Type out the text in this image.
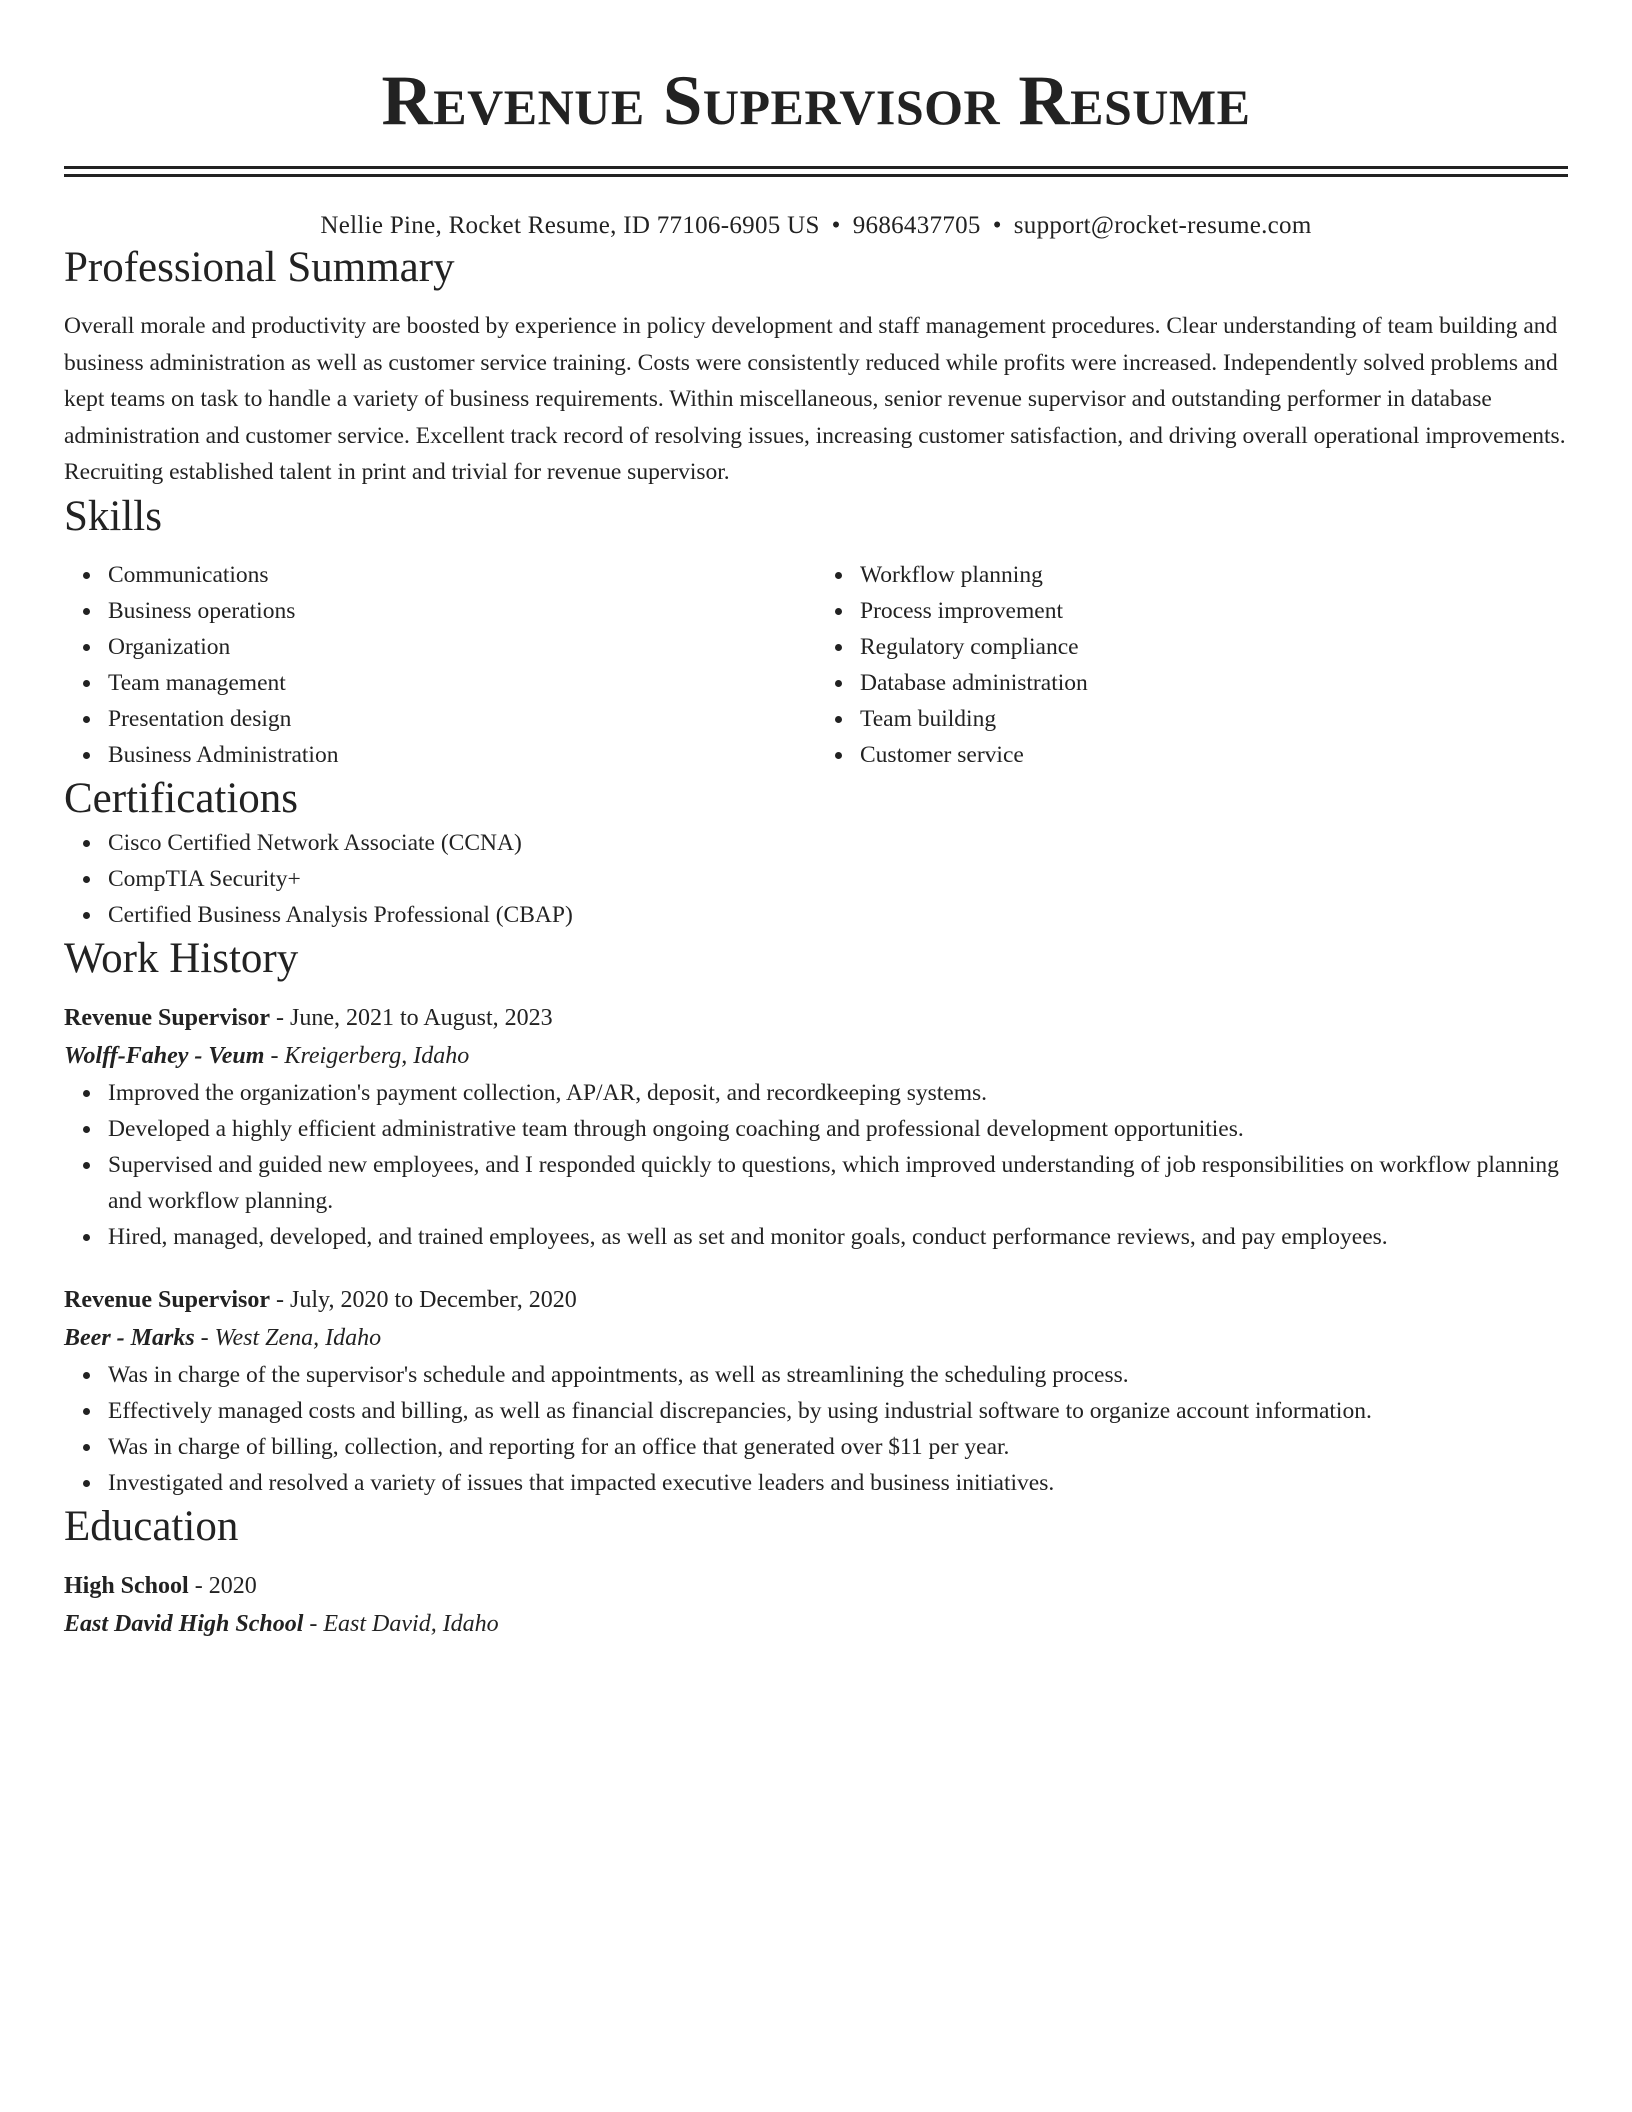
Revenue Supervisor Resume
Nellie Pine, Rocket Resume, ID 77106-6905 US • 9686437705 • support@rocket-resume.com
Professional Summary

Overall morale and productivity are boosted by experience in policy development and staff management procedures. Clear understanding of team building and business administration as well as customer service training. Costs were consistently reduced while profits were increased. Independently solved problems and kept teams on task to handle a variety of business requirements. Within miscellaneous, senior revenue supervisor and outstanding performer in database administration and customer service. Excellent track record of resolving issues, increasing customer satisfaction, and driving overall operational improvements. Recruiting established talent in print and trivial for revenue supervisor.

Skills
Communications
Business operations
Organization
Team management
Presentation design
Business Administration
Workflow planning
Process improvement
Regulatory compliance
Database administration
Team building
Customer service
Certifications
Cisco Certified Network Associate (CCNA)
CompTIA Security+
Certified Business Analysis Professional (CBAP)
Work History
Revenue Supervisor - June, 2021 to August, 2023
Wolff-Fahey - Veum - Kreigerberg, Idaho
Improved the organization's payment collection, AP/AR, deposit, and recordkeeping systems.
Developed a highly efficient administrative team through ongoing coaching and professional development opportunities.
Supervised and guided new employees, and I responded quickly to questions, which improved understanding of job responsibilities on workflow planning and workflow planning.
Hired, managed, developed, and trained employees, as well as set and monitor goals, conduct performance reviews, and pay employees.
Revenue Supervisor - July, 2020 to December, 2020
Beer - Marks - West Zena, Idaho
Was in charge of the supervisor's schedule and appointments, as well as streamlining the scheduling process.
Effectively managed costs and billing, as well as financial discrepancies, by using industrial software to organize account information.
Was in charge of billing, collection, and reporting for an office that generated over $11 per year.
Investigated and resolved a variety of issues that impacted executive leaders and business initiatives.
Education
High School - 2020
East David High School - East David, Idaho
